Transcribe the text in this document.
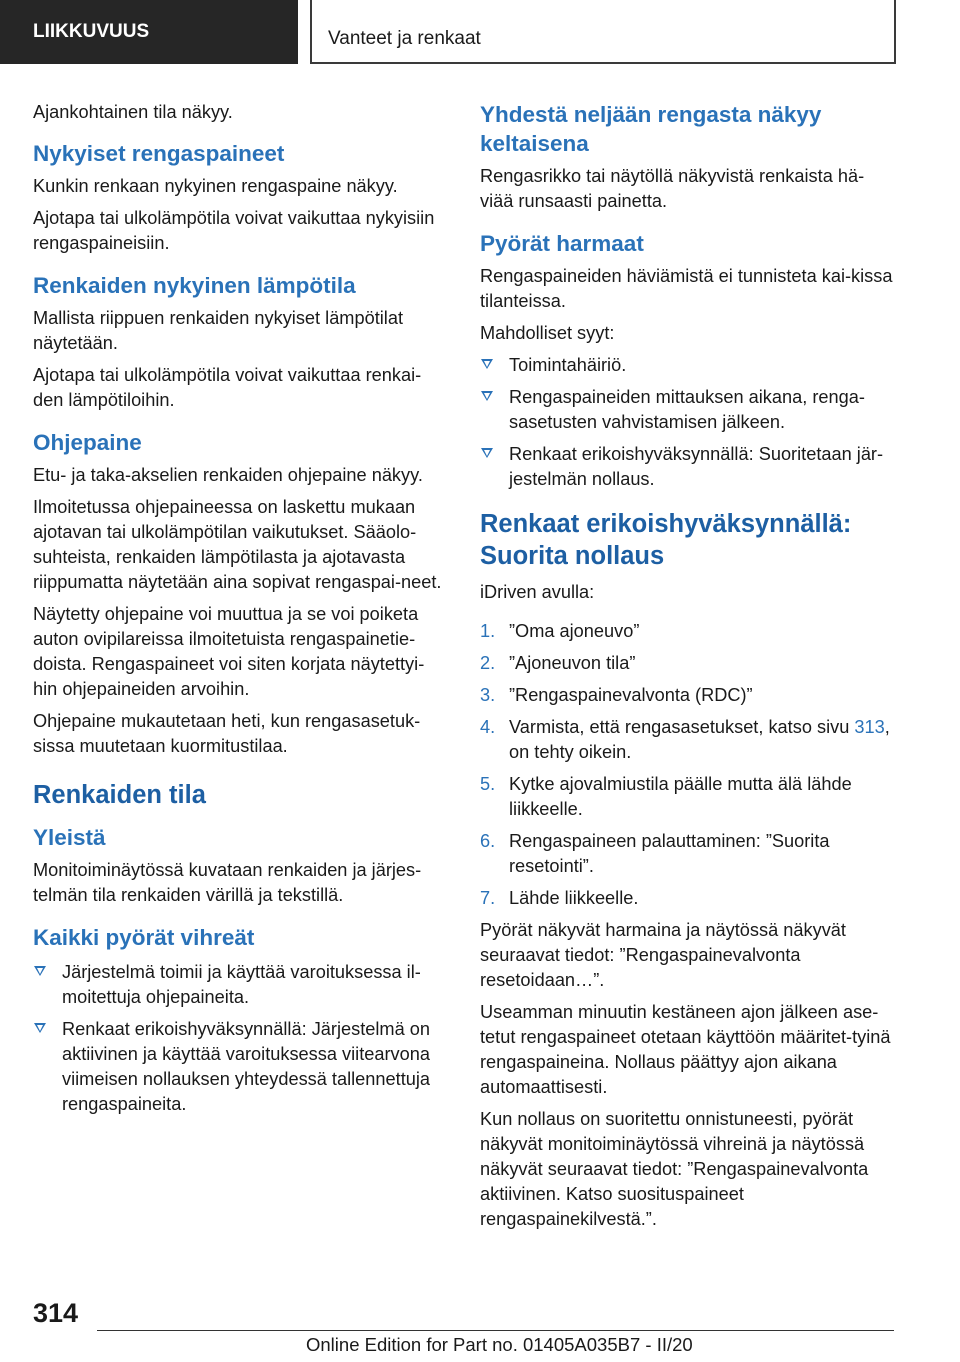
LIIKKUVUUS	Vanteet ja renkaat

Ajankohtainen tila näkyy.

Nykyiset rengaspaineet

Kunkin renkaan nykyinen rengaspaine näkyy.

Ajotapa tai ulkolämpötila voivat vaikuttaa nykyisiin rengaspaineisiin.

Renkaiden nykyinen lämpötila

Mallista riippuen renkaiden nykyiset lämpötilat näytetään.

Ajotapa tai ulkolämpötila voivat vaikuttaa renkai-den lämpötiloihin.

Ohjepaine

Etu- ja taka-akselien renkaiden ohjepaine näkyy.

Ilmoitetussa ohjepaineessa on laskettu mukaan ajotavan tai ulkolämpötilan vaikutukset. Sääolo-suhteista, renkaiden lämpötilasta ja ajotavasta riippumatta näytetään aina sopivat rengaspai-neet.

Näytetty ohjepaine voi muuttua ja se voi poiketa auton ovipilareissa ilmoitetuista rengaspainetie-doista. Rengaspaineet voi siten korjata näytettyi-hin ohjepaineiden arvoihin.

Ohjepaine mukautetaan heti, kun rengasasetuk-sissa muutetaan kuormitustilaa.

Renkaiden tila
Yleistä

Monitoiminäytössä kuvataan renkaiden ja järjes-telmän tila renkaiden värillä ja tekstillä.

Kaikki pyörät vihreät
Järjestelmä toimii ja käyttää varoituksessa il-moitettuja ohjepaineita.
Renkaat erikoishyväksynnällä: Järjestelmä on aktiivinen ja käyttää varoituksessa viitearvona viimeisen nollauksen yhteydessä tallennettuja rengaspaineita.
Yhdestä neljään rengasta näkyy keltaisena

Rengasrikko tai näytöllä näkyvistä renkaista hä-viää runsaasti painetta.

Pyörät harmaat

Rengaspaineiden häviämistä ei tunnisteta kai-kissa tilanteissa.

Mahdolliset syyt:

Toimintahäiriö.
Rengaspaineiden mittauksen aikana, renga-sasetusten vahvistamisen jälkeen.
Renkaat erikoishyväksynnällä: Suoritetaan jär-jestelmän nollaus.
Renkaat erikoishyväksynnällä: Suorita nollaus

iDriven avulla:

1. ”Oma ajoneuvo”
2. ”Ajoneuvon tila”
3. ”Rengaspainevalvonta (RDC)”
4. Varmista, että rengasasetukset, katso sivu 313, on tehty oikein.
5. Kytke ajovalmiustila päälle mutta älä lähde liikkeelle.
6. Rengaspaineen palauttaminen: ”Suorita resetointi”.
7. Lähde liikkeelle.

Pyörät näkyvät harmaina ja näytössä näkyvät seuraavat tiedot: ”Rengaspainevalvonta resetoidaan…”.

Useamman minuutin kestäneen ajon jälkeen ase-tetut rengaspaineet otetaan käyttöön määritet-tyinä rengaspaineina. Nollaus päättyy ajon aikana automaattisesti.

Kun nollaus on suoritettu onnistuneesti, pyörät näkyvät monitoiminäytössä vihreinä ja näytössä näkyvät seuraavat tiedot: ”Rengaspainevalvonta aktiivinen. Katso suosituspaineet rengaspainekilvestä.”.

314
Online Edition for Part no. 01405A035B7 - II/20
